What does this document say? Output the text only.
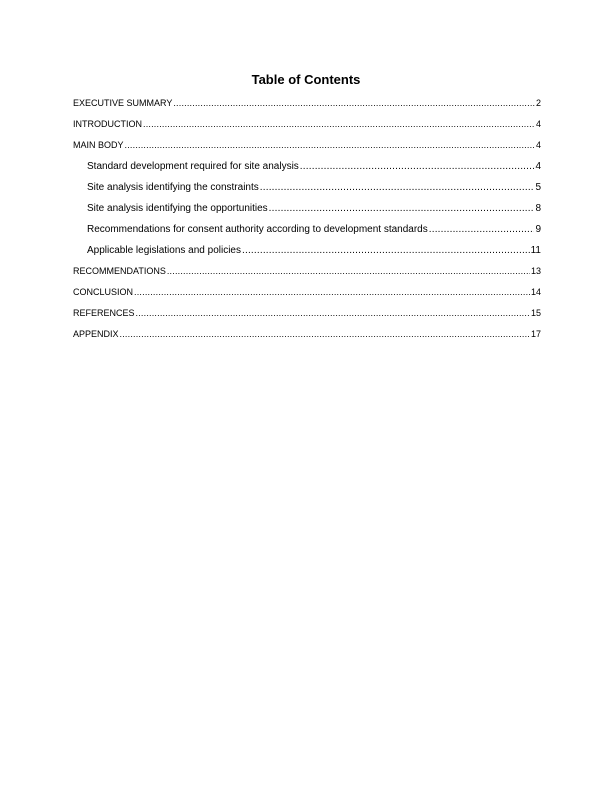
Table of Contents
EXECUTIVE SUMMARY .....	2
INTRODUCTION .....	4
MAIN BODY .....	4
Standard development required for site analysis .....	4
Site analysis identifying the constraints .....	5
Site analysis identifying the opportunities .....	8
Recommendations for consent authority according to development standards .....	9
Applicable legislations and policies .....	11
RECOMMENDATIONS .....	13
CONCLUSION .....	14
REFERENCES .....	15
APPENDIX .....	17
